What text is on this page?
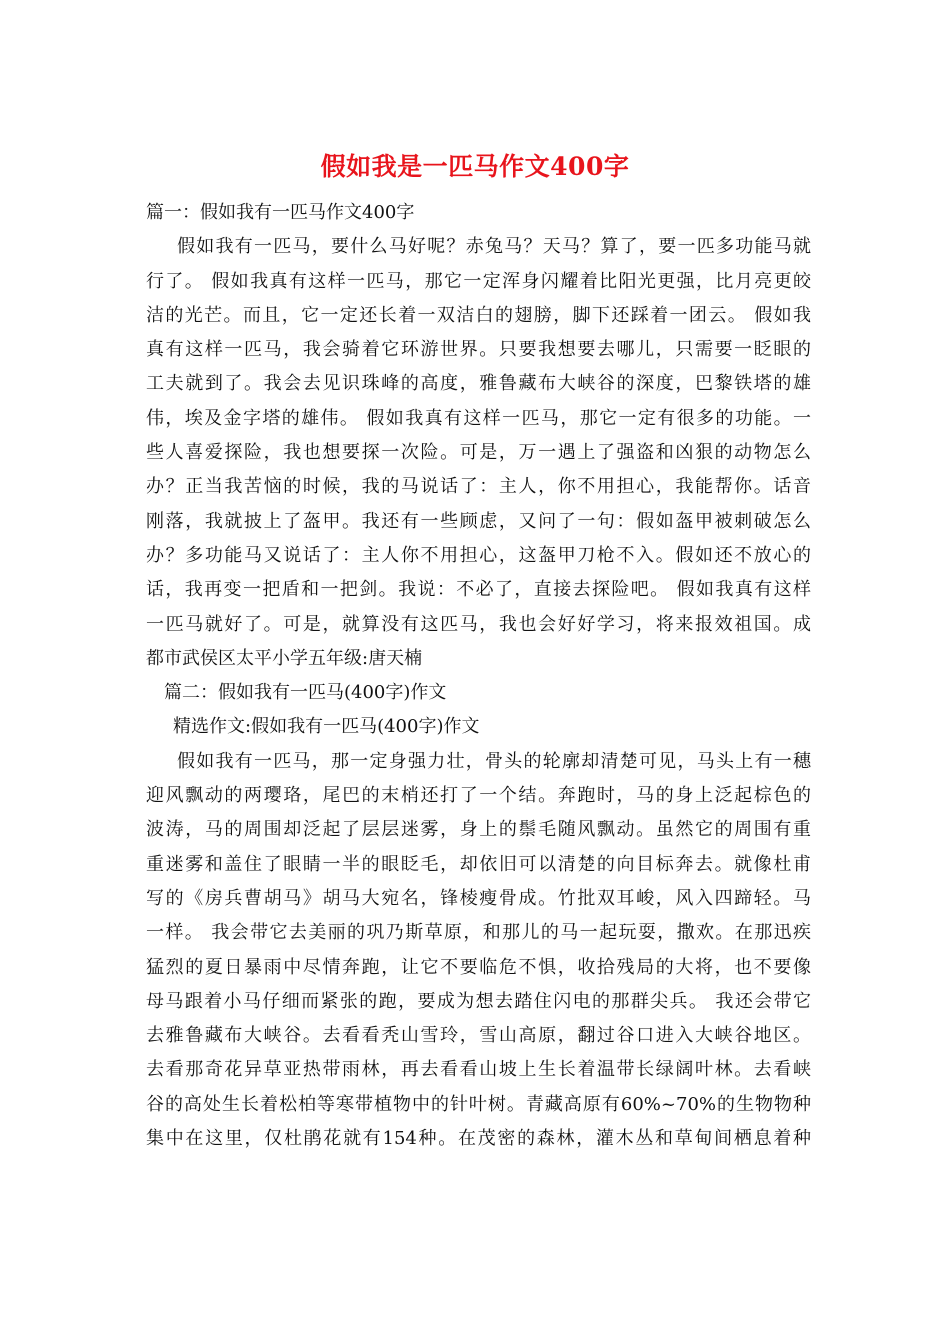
假如我是一匹马作文400字
篇一：假如我有一匹马作文400字
假如我有一匹马，要什么马好呢？赤兔马？天马？算了，要一匹多功能马就
行了。 假如我真有这样一匹马，那它一定浑身闪耀着比阳光更强，比月亮更皎
洁的光芒。而且，它一定还长着一双洁白的翅膀，脚下还踩着一团云。 假如我
真有这样一匹马，我会骑着它环游世界。只要我想要去哪儿，只需要一眨眼的
工夫就到了。我会去见识珠峰的高度，雅鲁藏布大峡谷的深度，巴黎铁塔的雄
伟，埃及金字塔的雄伟。 假如我真有这样一匹马，那它一定有很多的功能。一
些人喜爱探险，我也想要探一次险。可是，万一遇上了强盗和凶狠的动物怎么
办？正当我苦恼的时候，我的马说话了：主人，你不用担心，我能帮你。话音
刚落，我就披上了盔甲。我还有一些顾虑，又问了一句：假如盔甲被刺破怎么
办？多功能马又说话了：主人你不用担心，这盔甲刀枪不入。假如还不放心的
话，我再变一把盾和一把剑。我说：不必了，直接去探险吧。 假如我真有这样
一匹马就好了。可是，就算没有这匹马，我也会好好学习，将来报效祖国。成
都市武侯区太平小学五年级:唐天楠
篇二：假如我有一匹马(400字)作文
精选作文:假如我有一匹马(400字)作文
假如我有一匹马，那一定身强力壮，骨头的轮廓却清楚可见，马头上有一穗
迎风飘动的两璎珞，尾巴的末梢还打了一个结。奔跑时，马的身上泛起棕色的
波涛，马的周围却泛起了层层迷雾，身上的鬃毛随风飘动。虽然它的周围有重
重迷雾和盖住了眼睛一半的眼眨毛，却依旧可以清楚的向目标奔去。就像杜甫
写的《房兵曹胡马》胡马大宛名，锋棱瘦骨成。竹批双耳峻，风入四蹄轻。马
一样。 我会带它去美丽的巩乃斯草原，和那儿的马一起玩耍，撒欢。在那迅疾
猛烈的夏日暴雨中尽情奔跑，让它不要临危不惧，收拾残局的大将，也不要像
母马跟着小马仔细而紧张的跑，要成为想去踏住闪电的那群尖兵。 我还会带它
去雅鲁藏布大峡谷。去看看秃山雪玲，雪山高原，翻过谷口进入大峡谷地区。
去看那奇花异草亚热带雨林，再去看看山坡上生长着温带长绿阔叶林。去看峡
谷的高处生长着松柏等寒带植物中的针叶树。青藏高原有60%~70%的生物物种
集中在这里，仅杜鹃花就有154种。在茂密的森林，灌木丛和草甸间栖息着种
